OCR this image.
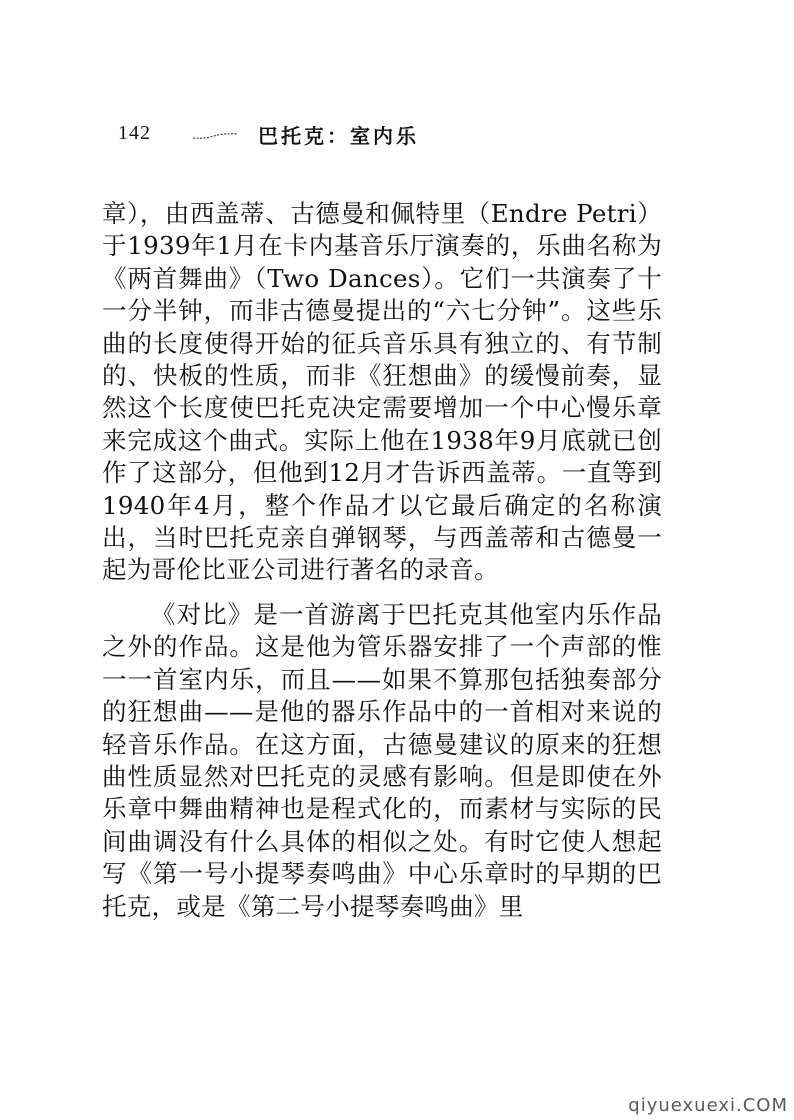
142	巴托克：室内乐

章），由西盖蒂、古德曼和佩特里（Endre Petri）于1939年1月在卡内基音乐厅演奏的，乐曲名称为《两首舞曲》（Two Dances）。它们一共演奏了十一分半钟，而非古德曼提出的“六七分钟”。这些乐曲的长度使得开始的征兵音乐具有独立的、有节制的、快板的性质，而非《狂想曲》的缓慢前奏，显然这个长度使巴托克决定需要增加一个中心慢乐章来完成这个曲式。实际上他在1938年9月底就已创作了这部分，但他到12月才告诉西盖蒂。一直等到1940年4月，整个作品才以它最后确定的名称演出，当时巴托克亲自弹钢琴，与西盖蒂和古德曼一起为哥伦比亚公司进行著名的录音。

《对比》是一首游离于巴托克其他室内乐作品之外的作品。这是他为管乐器安排了一个声部的惟一一首室内乐，而且——如果不算那包括独奏部分的狂想曲——是他的器乐作品中的一首相对来说的轻音乐作品。在这方面，古德曼建议的原来的狂想曲性质显然对巴托克的灵感有影响。但是即使在外乐章中舞曲精神也是程式化的，而素材与实际的民间曲调没有什么具体的相似之处。有时它使人想起写《第一号小提琴奏鸣曲》中心乐章时的早期的巴托克，或是《第二号小提琴奏鸣曲》里

qiyuexuexi.COM
